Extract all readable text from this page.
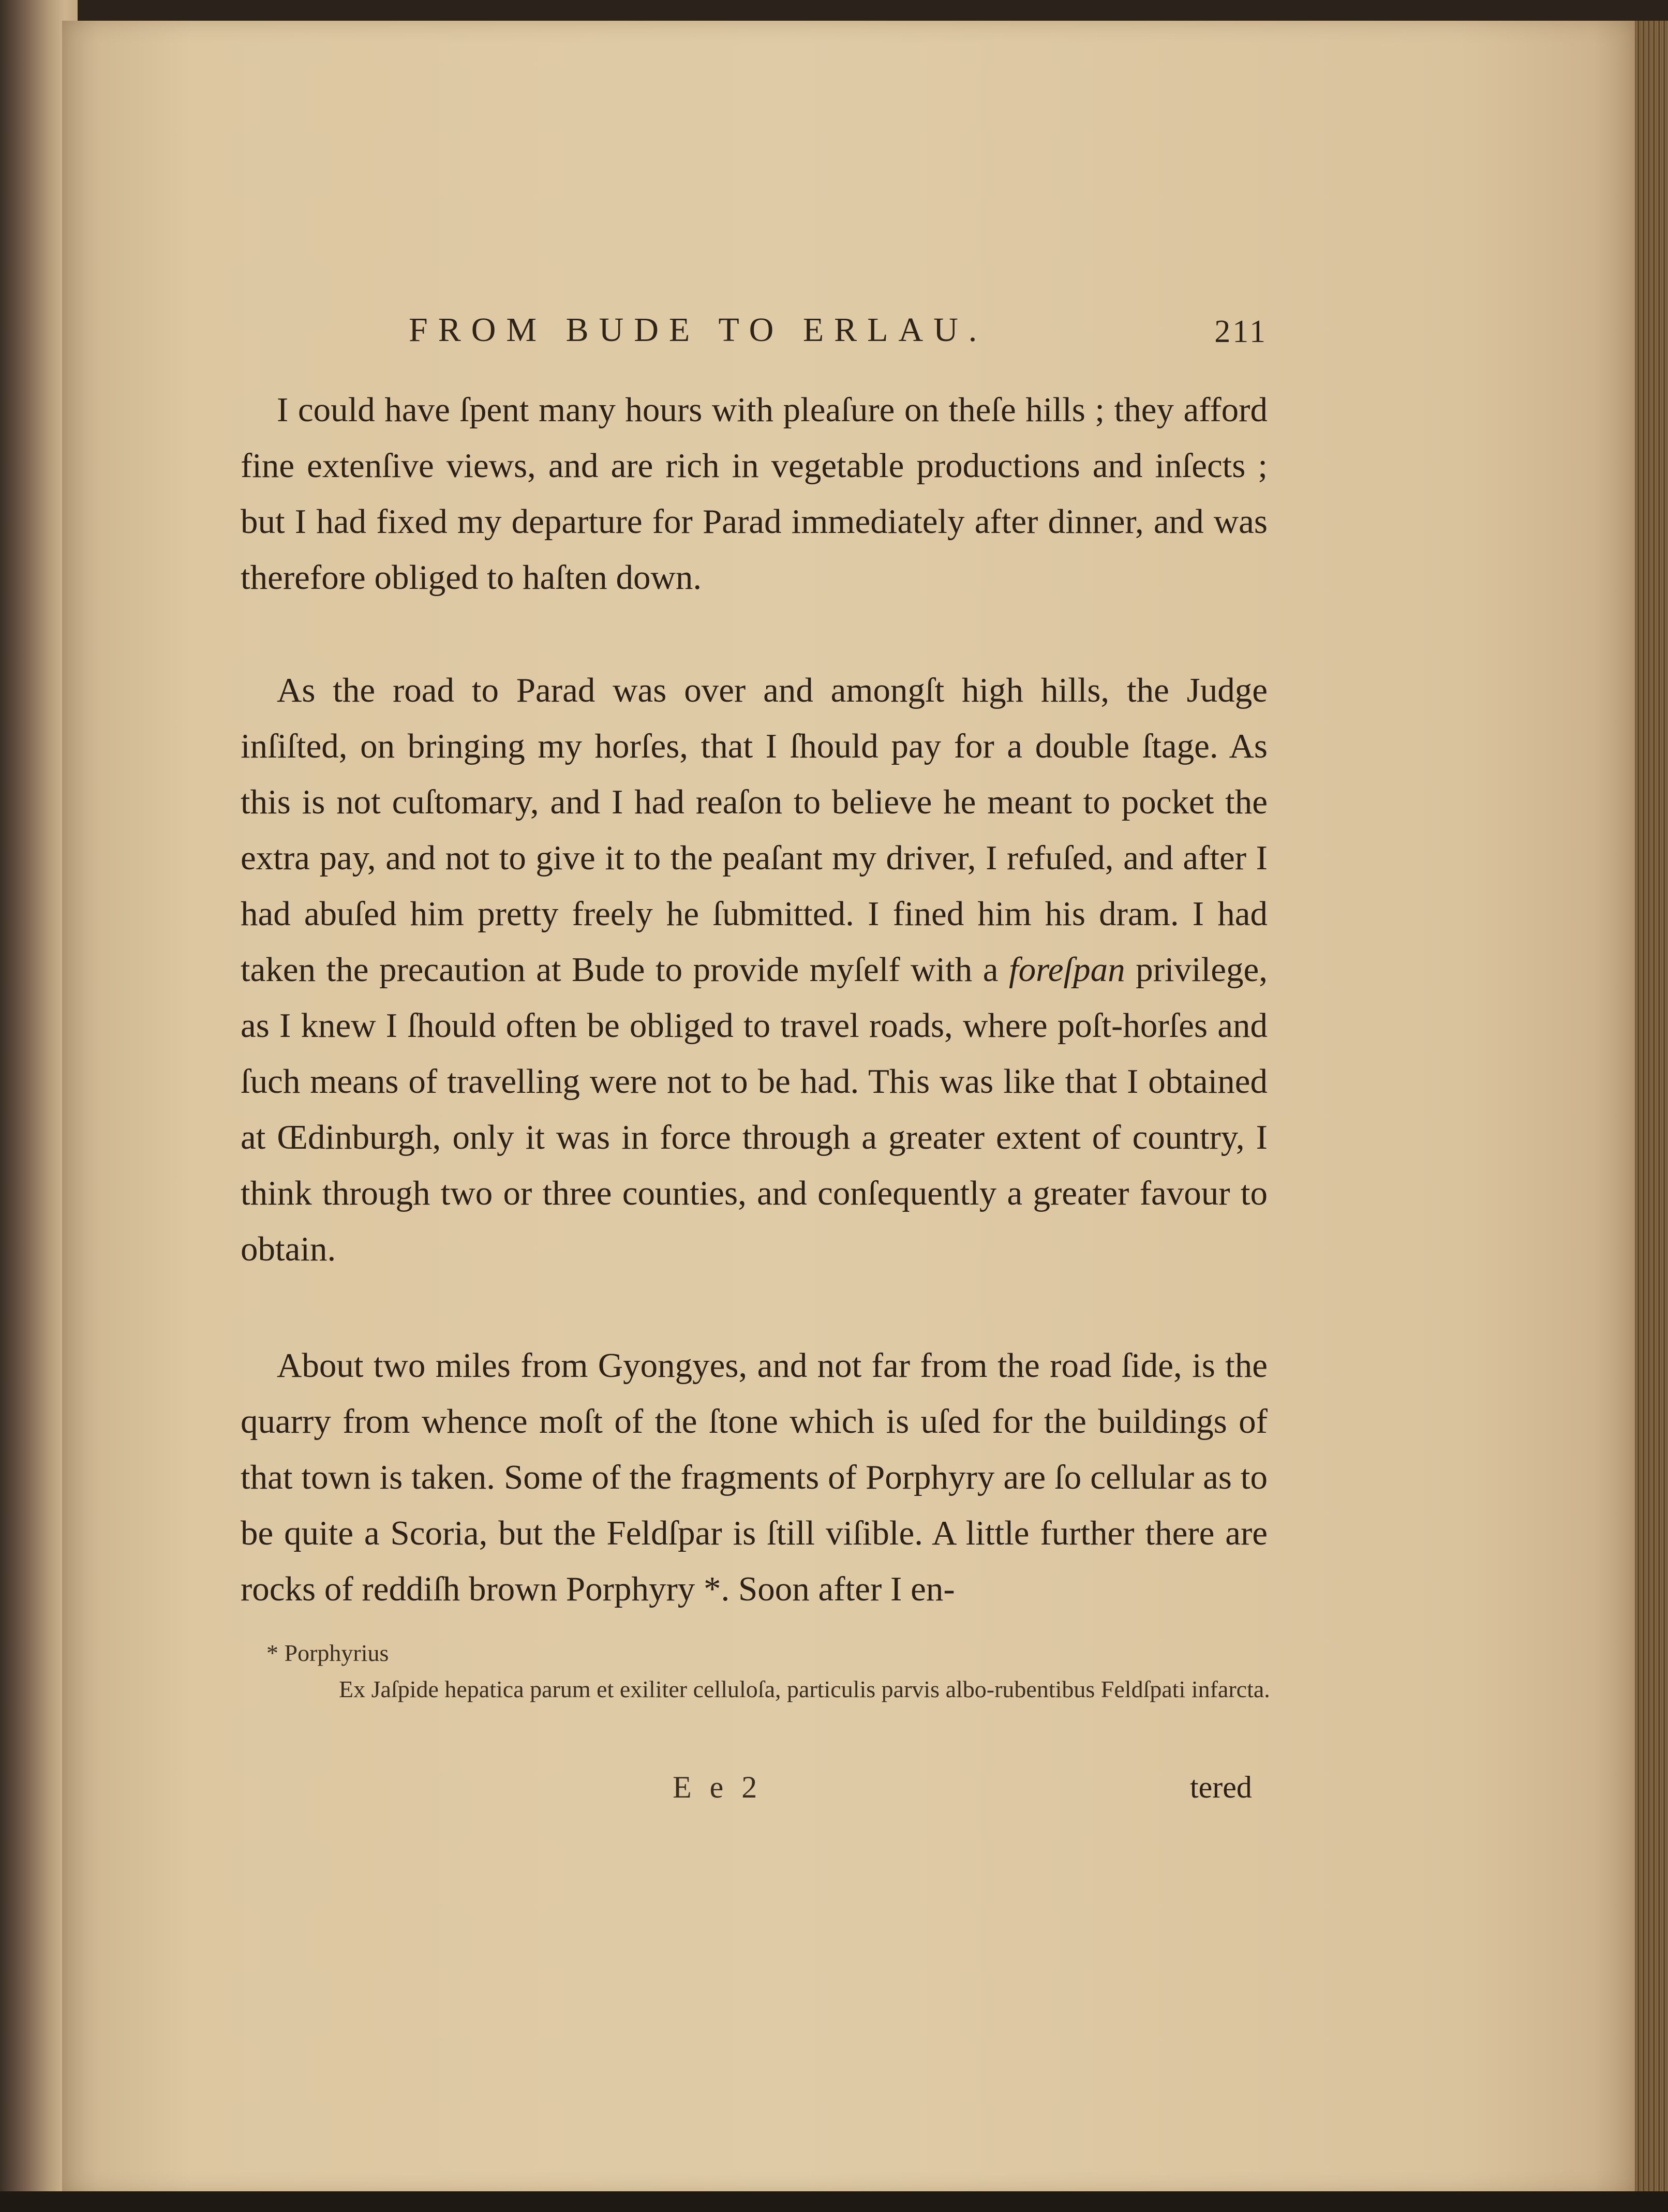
FROM BUDE TO ERLAU.	211

I could have ſpent many hours with pleaſure on theſe hills ; they afford fine extenſive views, and are rich in vegetable productions and inſects ; but I had fixed my departure for Parad immediately after dinner, and was therefore obliged to haſten down.

As the road to Parad was over and amongſt high hills, the Judge inſiſted, on bringing my horſes, that I ſhould pay for a double ſtage. As this is not cuſtomary, and I had reaſon to believe he meant to pocket the extra pay, and not to give it to the peaſant my driver, I refuſed, and after I had abuſed him pretty freely he ſubmitted. I fined him his dram. I had taken the precaution at Bude to provide myſelf with a foreſpan privilege, as I knew I ſhould often be obliged to travel roads, where poſt-horſes and ſuch means of travelling were not to be had. This was like that I obtained at Œdinburgh, only it was in force through a greater extent of country, I think through two or three counties, and conſequently a greater favour to obtain.

About two miles from Gyongyes, and not far from the road ſide, is the quarry from whence moſt of the ſtone which is uſed for the buildings of that town is taken. Some of the fragments of Porphyry are ſo cellular as to be quite a Scoria, but the Feldſpar is ſtill viſible. A little further there are rocks of reddiſh brown Porphyry *. Soon after I en-

* Porphyrius
Ex Jaſpide hepatica parum et exiliter celluloſa, particulis parvis albo-rubentibus Feldſpati infarcta.
E e 2	tered
